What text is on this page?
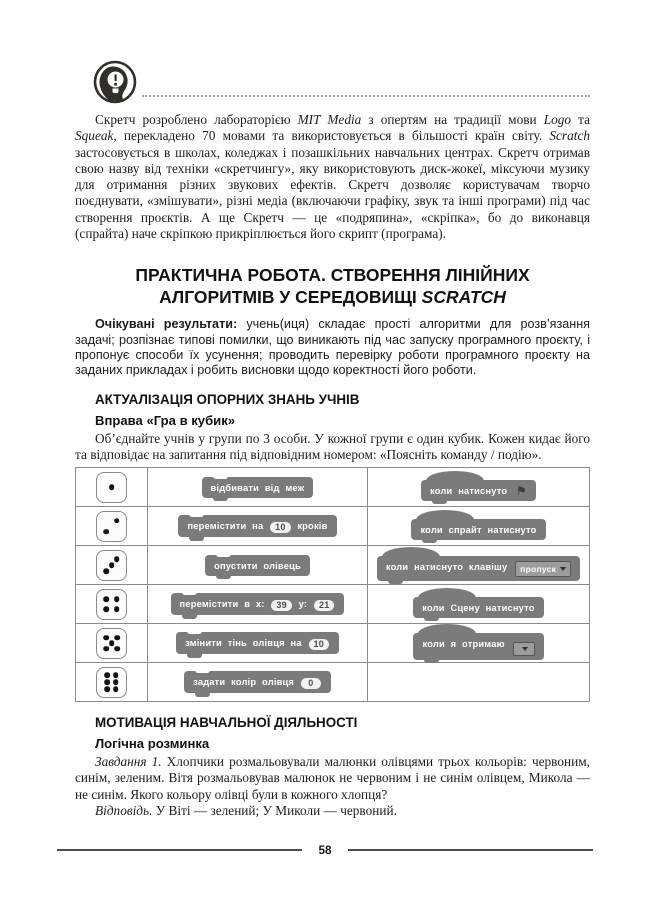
Скретч розроблено лабораторією MIT Media з опертям на традиції мови Logo та Squeak, перекладено 70 мовами та використовується в більшості країн світу. Scratch застосовується в школах, коледжах і позашкільних навчальних центрах. Скретч отримав свою назву від техніки «скретчингу», яку використовують диск-жокеї, міксуючи музику для отримання різних звукових ефектів. Скретч дозволяє користувачам творчо поєднувати, «змішувати», різні медіа (включаючи графіку, звук та інші програми) під час створення проєктів. А ще Скретч — це «подряпина», «скріпка», бо до виконавця (спрайта) наче скріпкою прикріплюється його скрипт (програма).

ПРАКТИЧНА РОБОТА. СТВОРЕННЯ ЛІНІЙНИХ
АЛГОРИТМІВ У СЕРЕДОВИЩІ SCRATCH

Очікувані результати: учень(иця) складає прості алгоритми для розв’язання задачі; розпізнає типові помилки, що виникають під час запуску програмного проєкту, і пропонує способи їх усунення; проводить перевірку роботи програмного проєкту на заданих прикладах і робить висновки щодо коректності його роботи.

АКТУАЛІЗАЦІЯ ОПОРНИХ ЗНАНЬ УЧНІВ
Вправа «Гра в кубик»

Об’єднайте учнів у групи по 3 особи. У кожної групи є один кубик. Кожен кидає його та відповідає на запитання під відповідним номером: «Поясніть команду / подію».

відбивати від меж	коли натиснуто ⚑
перемістити на 10 кроків	коли спрайт натиснуто
опустити олівець	коли натиснуто клавішу пропуск
перемістити в x: 39 y: 21	коли Сцену натиснуто
змінити тінь олівця на 10	коли я отримаю
задати колір олівця 0
МОТИВАЦІЯ НАВЧАЛЬНОЇ ДІЯЛЬНОСТІ
Логічна розминка

Завдання 1. Хлопчики розмальовували малюнки олівцями трьох кольорів: червоним, синім, зеленим. Вітя розмальовував малюнок не червоним і не синім олівцем, Микола — не синім. Якого кольору олівці були в кожного хлопця?

Відповідь. У Віті — зелений; У Миколи — червоний.

58
